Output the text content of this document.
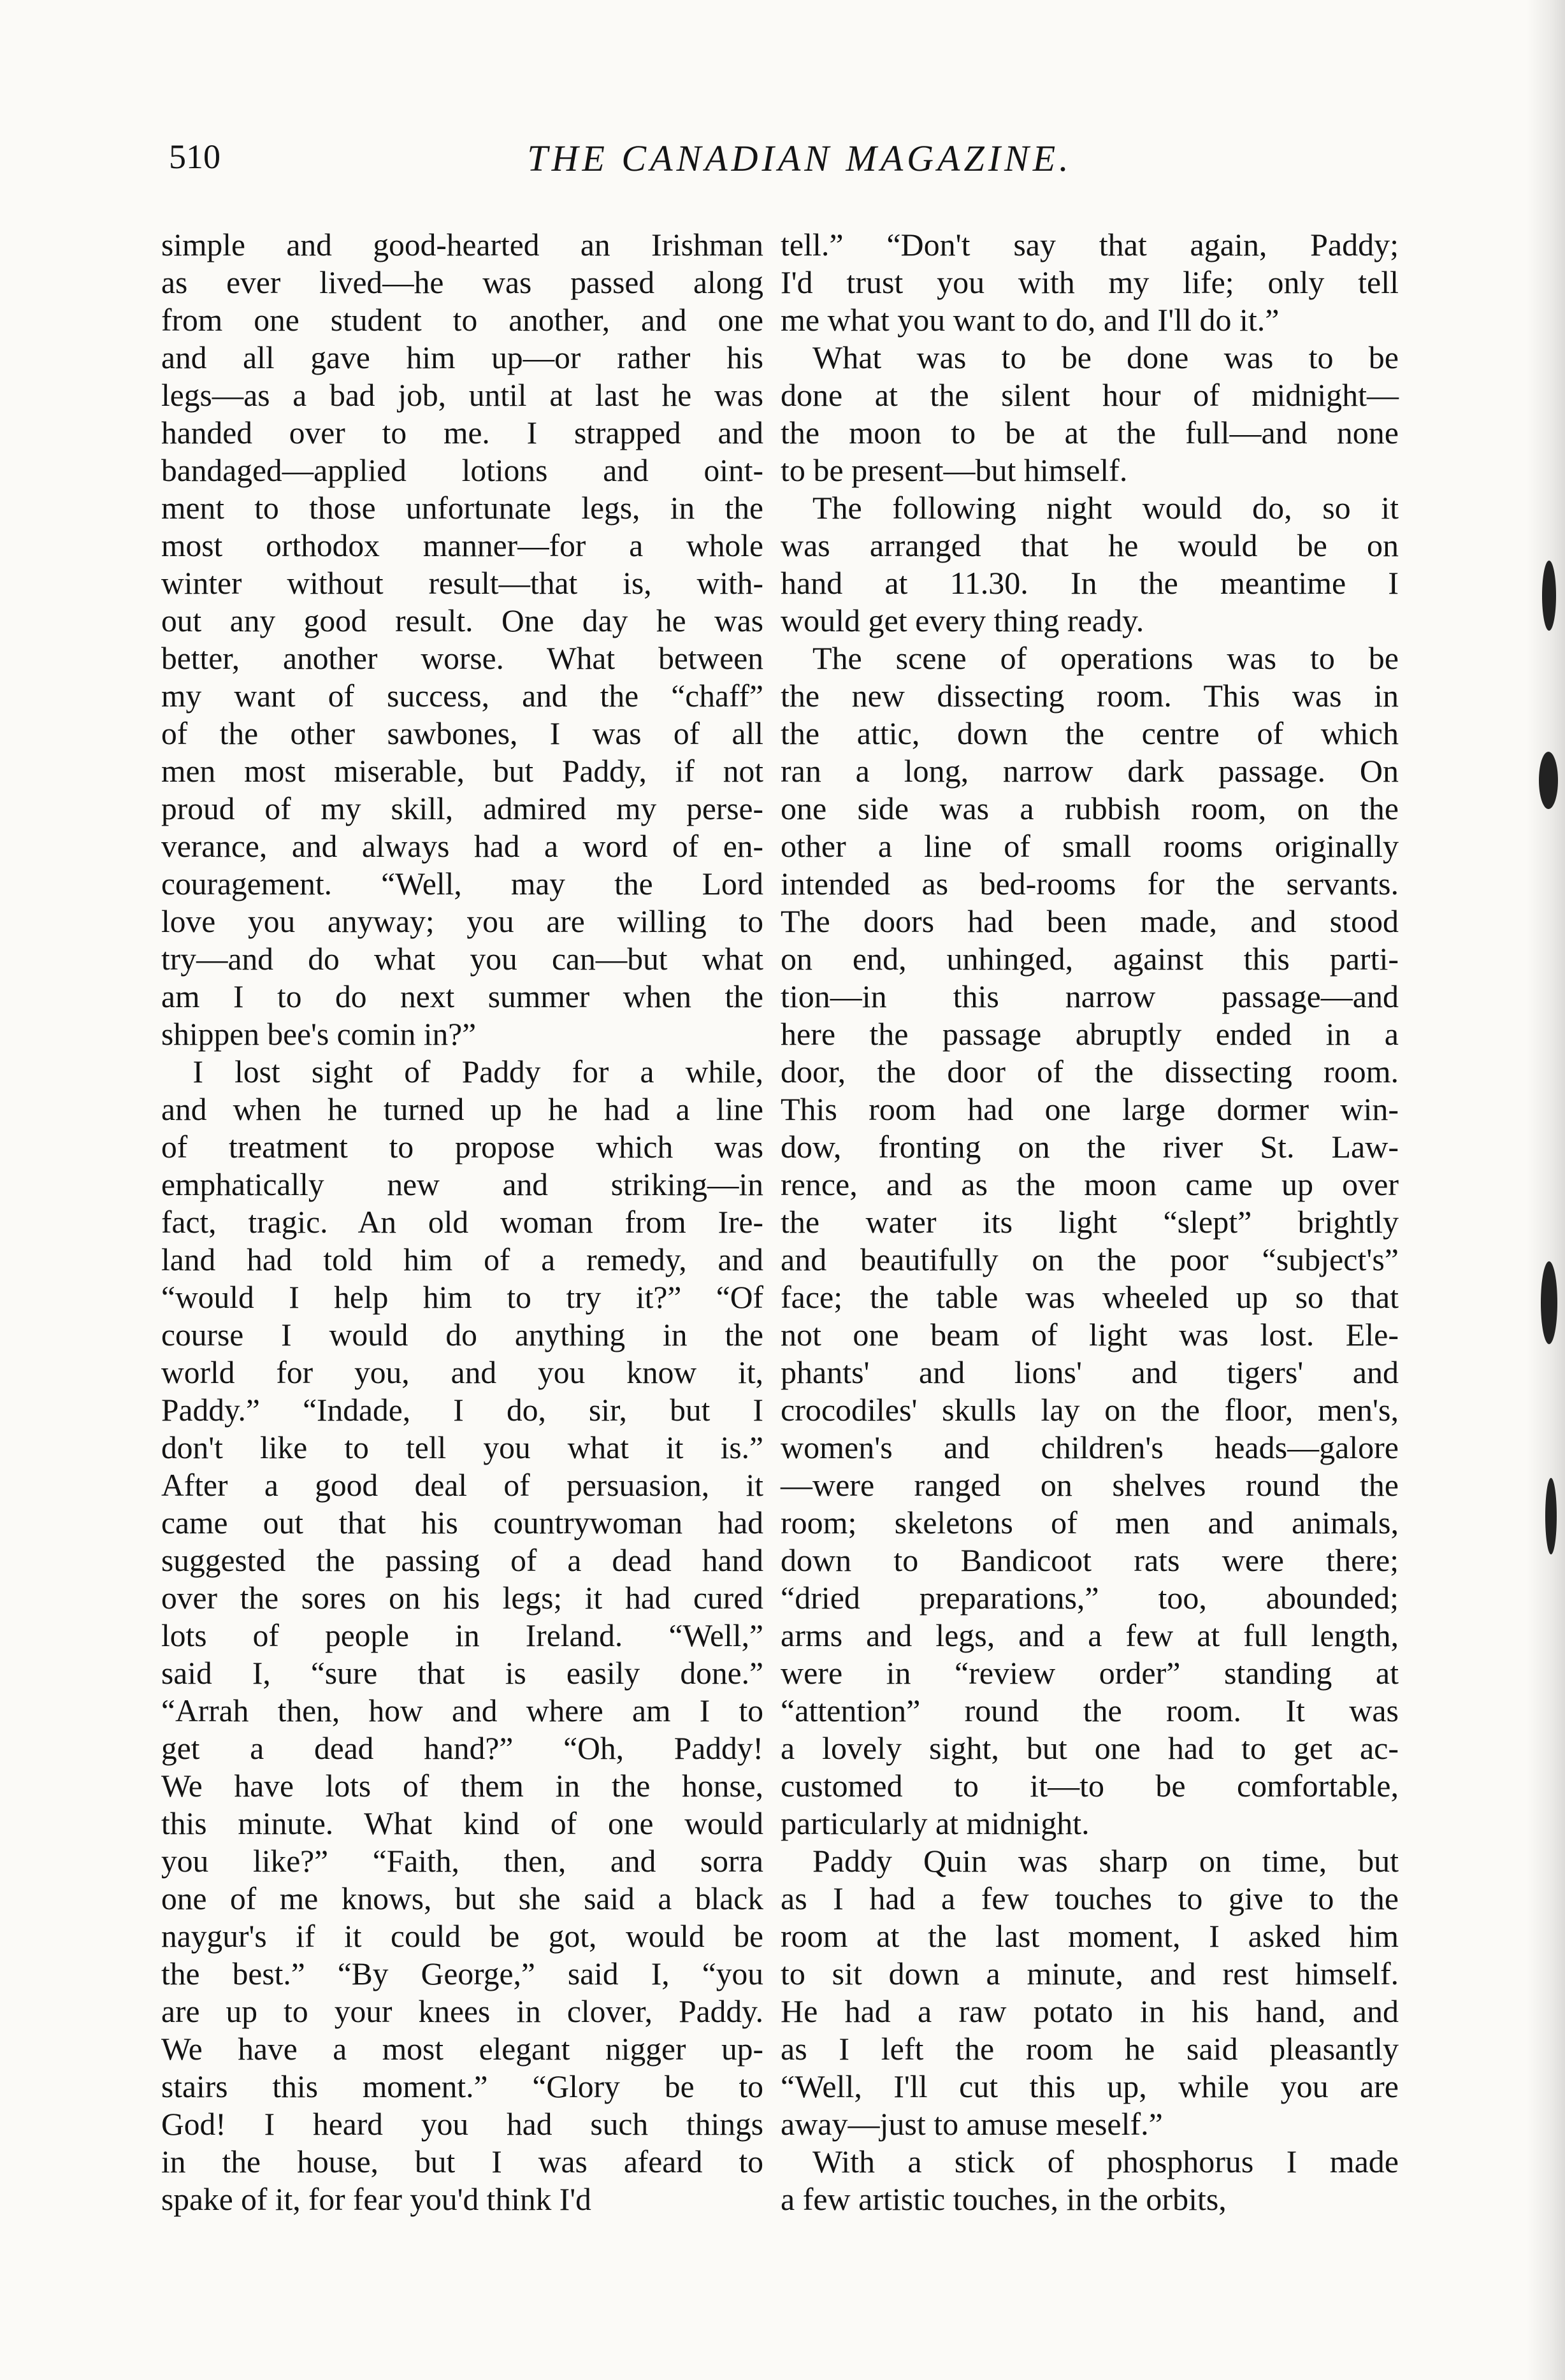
510	THE CANADIAN MAGAZINE.
simple and good-hearted an Irishman
as ever lived—he was passed along
from one student to another, and one
and all gave him up—or rather his
legs—as a bad job, until at last he was
handed over to me. I strapped and
bandaged—applied lotions and oint-
ment to those unfortunate legs, in the
most orthodox manner—for a whole
winter without result—that is, with-
out any good result. One day he was
better, another worse. What between
my want of success, and the “chaff”
of the other sawbones, I was of all
men most miserable, but Paddy, if not
proud of my skill, admired my perse-
verance, and always had a word of en-
couragement. “Well, may the Lord
love you anyway; you are willing to
try—and do what you can—but what
am I to do next summer when the
shippen bee's comin in?”
 I lost sight of Paddy for a while,
and when he turned up he had a line
of treatment to propose which was
emphatically new and striking—in
fact, tragic. An old woman from Ire-
land had told him of a remedy, and
“would I help him to try it?” “Of
course I would do anything in the
world for you, and you know it,
Paddy.” “Indade, I do, sir, but I
don't like to tell you what it is.”
After a good deal of persuasion, it
came out that his countrywoman had
suggested the passing of a dead hand
over the sores on his legs; it had cured
lots of people in Ireland. “Well,”
said I, “sure that is easily done.”
“Arrah then, how and where am I to
get a dead hand?” “Oh, Paddy!
We have lots of them in the honse,
this minute. What kind of one would
you like?” “Faith, then, and sorra
one of me knows, but she said a black
naygur's if it could be got, would be
the best.” “By George,” said I, “you
are up to your knees in clover, Paddy.
We have a most elegant nigger up-
stairs this moment.” “Glory be to
God! I heard you had such things
in the house, but I was afeard to
spake of it, for fear you'd think I'd
tell.” “Don't say that again, Paddy;
I'd trust you with my life; only tell
me what you want to do, and I'll do it.”
 What was to be done was to be
done at the silent hour of midnight—
the moon to be at the full—and none
to be present—but himself.
 The following night would do, so it
was arranged that he would be on
hand at 11.30. In the meantime I
would get every thing ready.
 The scene of operations was to be
the new dissecting room. This was in
the attic, down the centre of which
ran a long, narrow dark passage. On
one side was a rubbish room, on the
other a line of small rooms originally
intended as bed-rooms for the servants.
The doors had been made, and stood
on end, unhinged, against this parti-
tion—in this narrow passage—and
here the passage abruptly ended in a
door, the door of the dissecting room.
This room had one large dormer win-
dow, fronting on the river St. Law-
rence, and as the moon came up over
the water its light “slept” brightly
and beautifully on the poor “subject's”
face; the table was wheeled up so that
not one beam of light was lost. Ele-
phants' and lions' and tigers' and
crocodiles' skulls lay on the floor, men's,
women's and children's heads—galore
—were ranged on shelves round the
room; skeletons of men and animals,
down to Bandicoot rats were there;
“dried preparations,” too, abounded;
arms and legs, and a few at full length,
were in “review order” standing at
“attention” round the room. It was
a lovely sight, but one had to get ac-
customed to it—to be comfortable,
particularly at midnight.
 Paddy Quin was sharp on time, but
as I had a few touches to give to the
room at the last moment, I asked him
to sit down a minute, and rest himself.
He had a raw potato in his hand, and
as I left the room he said pleasantly
“Well, I'll cut this up, while you are
away—just to amuse meself.”
 With a stick of phosphorus I made
a few artistic touches, in the orbits,
